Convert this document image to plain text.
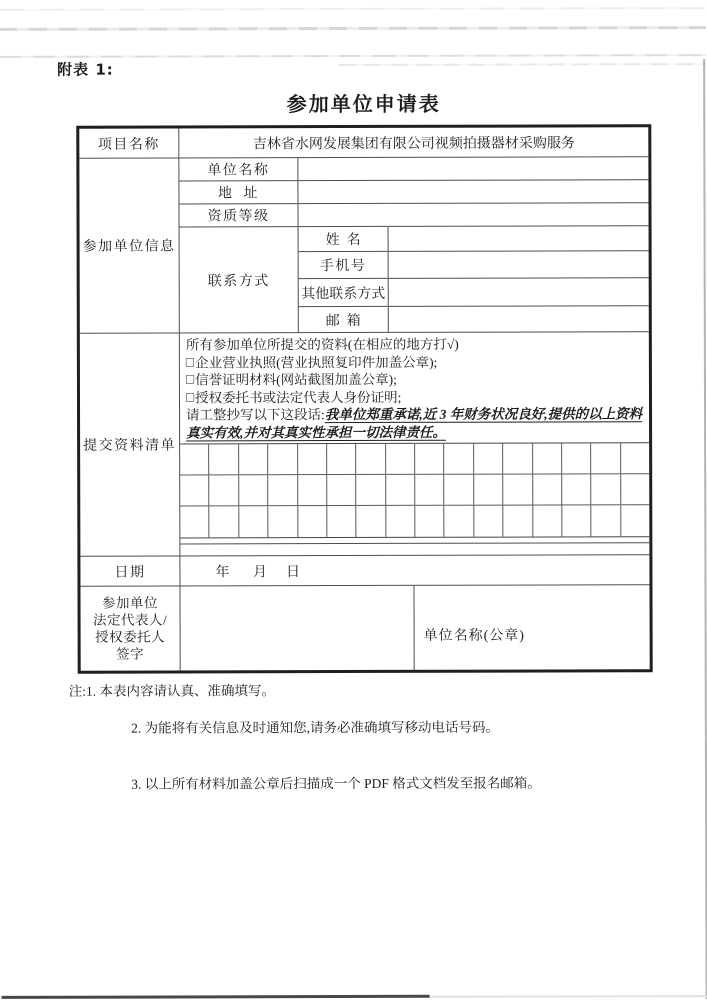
附表 1:
参加单位申请表
项目名称	吉林省水网发展集团有限公司视频拍摄器材采购服务
参加单位信息
单位名称
地  址
资质等级
联系方式
姓  名
手机号
其他联系方式
邮  箱
提交资料清单
所有参加单位所提交的资料(在相应的地方打√)
□企业营业执照(营业执照复印件加盖公章);
□信誉证明材料(网站截图加盖公章);
□授权委托书或法定代表人身份证明;
请工整抄写以下这段话:我单位郑重承诺,近 3 年财务状况良好,提供的以上资料真实有效,并对其真实性承担一切法律责任。
日期	年     月    日
参加单位
法定代表人/
授权委托人
签字
单位名称(公章)
注: 1. 本表内容请认真、准确填写。

2. 为能将有关信息及时通知您,请务必准确填写移动电话号码。

3. 以上所有材料加盖公章后扫描成一个 PDF 格式文档发至报名邮箱。
